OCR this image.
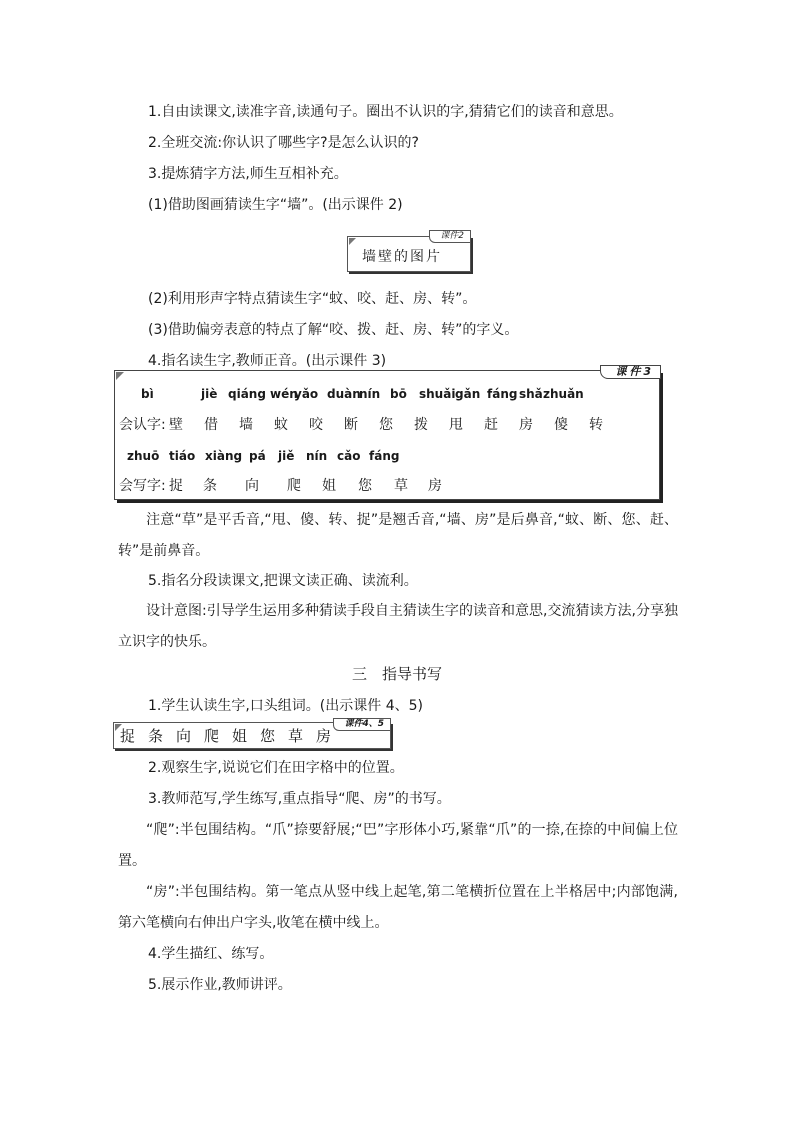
1.自由读课文,读准字音,读通句子。圈出不认识的字,猜猜它们的读音和意思。
2.全班交流:你认识了哪些字?是怎么认识的?
3.提炼猜字方法,师生互相补充。
(1)借助图画猜读生字“墙”。(出示课件 2)
课件2
墙壁的图片
(2)利用形声字特点猜读生字“蚊、咬、赶、房、转”。
(3)借助偏旁表意的特点了解“咬、拨、赶、房、转”的字义。
4.指名读生字,教师正音。(出示课件 3)
课件3
bì	jiè qiáng wén
yǎo duàn
nín bō shuǎi gǎn fáng shǎ zhuǎn
会认字: 壁 借 墙 蚊 咬 断 您 拨 甩 赶 房 傻 转
zhuō tiáo xiàng pá jiě nín cǎo fáng
会写字: 捉 条 向 爬 姐 您 草 房
注意“草”是平舌音,“甩、傻、转、捉”是翘舌音,“墙、房”是后鼻音,“蚊、断、您、赶、转”是前鼻音。
5.指名分段读课文,把课文读正确、读流利。
设计意图:引导学生运用多种猜读手段自主猜读生字的读音和意思,交流猜读方法,分享独立识字的快乐。
三　指导书写
1.学生认读生字,口头组词。(出示课件 4、5)
课件4、5
捉 条 向 爬 姐 您 草 房
2.观察生字,说说它们在田字格中的位置。
3.教师范写,学生练写,重点指导“爬、房”的书写。
“爬”:半包围结构。“爪”捺要舒展;“巴”字形体小巧,紧靠“爪”的一捺,在捺的中间偏上位置。
“房”:半包围结构。第一笔点从竖中线上起笔,第二笔横折位置在上半格居中;内部饱满,第六笔横向右伸出户字头,收笔在横中线上。
4.学生描红、练写。
5.展示作业,教师讲评。
